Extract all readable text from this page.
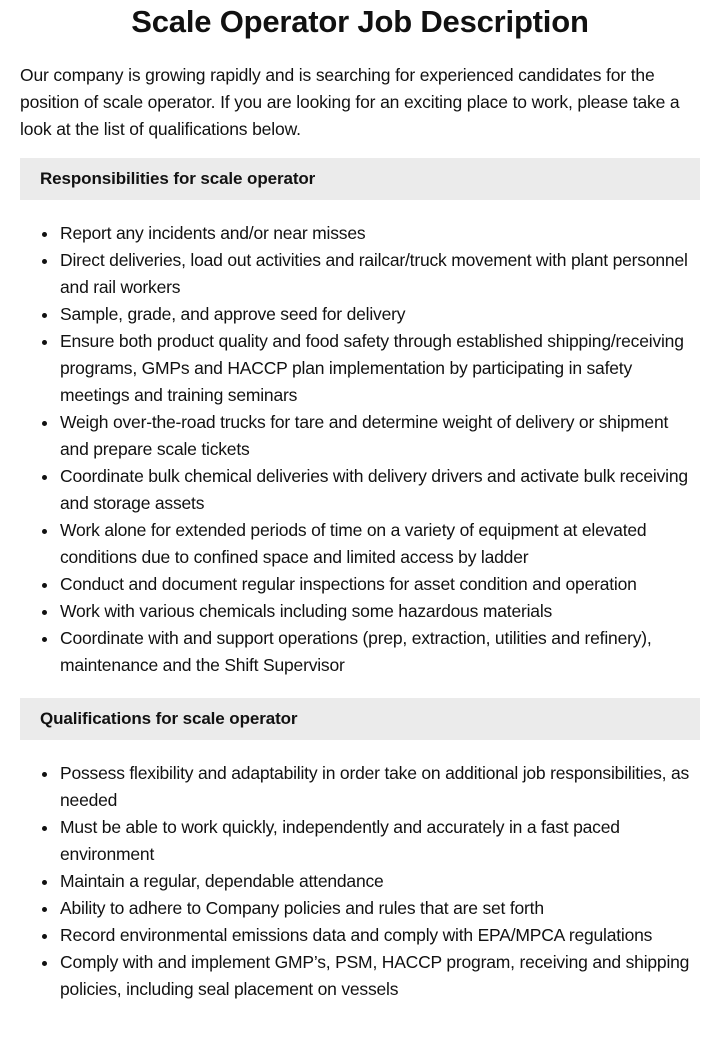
Scale Operator Job Description

Our company is growing rapidly and is searching for experienced candidates for the position of scale operator. If you are looking for an exciting place to work, please take a look at the list of qualifications below.

Responsibilities for scale operator
Report any incidents and/or near misses
Direct deliveries, load out activities and railcar/truck movement with plant personnel and rail workers
Sample, grade, and approve seed for delivery
Ensure both product quality and food safety through established shipping/receiving programs, GMPs and HACCP plan implementation by participating in safety meetings and training seminars
Weigh over-the-road trucks for tare and determine weight of delivery or shipment and prepare scale tickets
Coordinate bulk chemical deliveries with delivery drivers and activate bulk receiving and storage assets
Work alone for extended periods of time on a variety of equipment at elevated conditions due to confined space and limited access by ladder
Conduct and document regular inspections for asset condition and operation
Work with various chemicals including some hazardous materials
Coordinate with and support operations (prep, extraction, utilities and refinery), maintenance and the Shift Supervisor
Qualifications for scale operator
Possess flexibility and adaptability in order take on additional job responsibilities, as needed
Must be able to work quickly, independently and accurately in a fast paced environment
Maintain a regular, dependable attendance
Ability to adhere to Company policies and rules that are set forth
Record environmental emissions data and comply with EPA/MPCA regulations
Comply with and implement GMP’s, PSM, HACCP program, receiving and shipping policies, including seal placement on vessels
